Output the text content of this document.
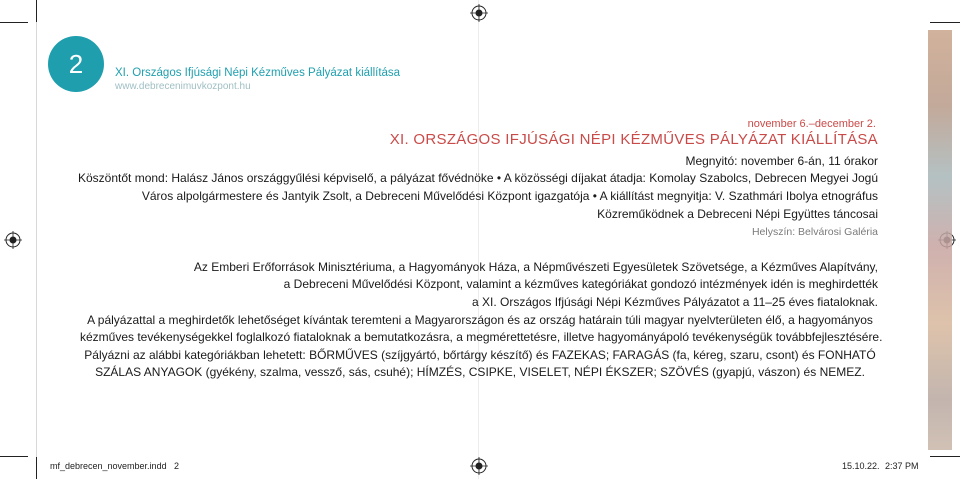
2	XI. Országos Ifjúsági Népi Kézműves Pályázat kiállítása
www.debrecenimuvkozpont.hu
november 6.–december 2.
XI. ORSZÁGOS IFJÚSÁGI NÉPI KÉZMŰVES PÁLYÁZAT KIÁLLÍTÁSA
Megnyitó: november 6-án, 11 órakor
Köszöntőt mond: Halász János országgyűlési képviselő, a pályázat fővédnöke • A közösségi díjakat átadja: Komolay Szabolcs, Debrecen Megyei Jogú
Város alpolgármestere és Jantyik Zsolt, a Debreceni Művelődési Központ igazgatója • A kiállítást megnyitja: V. Szathmári Ibolya etnográfus
Közreműködnek a Debreceni Népi Együttes táncosai
Helyszín: Belvárosi Galéria
Az Emberi Erőforrások Minisztériuma, a Hagyományok Háza, a Népművészeti Egyesületek Szövetsége, a Kézműves Alapítvány,
a Debreceni Művelődési Központ, valamint a kézműves kategóriákat gondozó intézmények idén is meghirdették
a XI. Országos Ifjúsági Népi Kézműves Pályázatot a 11–25 éves fiataloknak.
A pályázattal a meghirdetők lehetőséget kívántak teremteni a Magyarországon és az ország határain túli magyar nyelvterületen élő, a hagyományos
kézműves tevékenységekkel foglalkozó fiataloknak a bemutatkozásra, a megmérettetésre, illetve hagyományápoló tevékenységük továbbfejlesztésére.
Pályázni az alábbi kategóriákban lehetett: BŐRMŰVES (szíjgyártó, bőrtárgy készítő) és FAZEKAS; FARAGÁS (fa, kéreg, szaru, csont) és FONHATÓ
SZÁLAS ANYAGOK (gyékény, szalma, vessző, sás, csuhé); HÍMZÉS, CSIPKE, VISELET, NÉPI ÉKSZER; SZÖVÉS (gyapjú, vászon) és NEMEZ.
mf_debrecen_november.indd 2	15.10.22. 2:37 PM
